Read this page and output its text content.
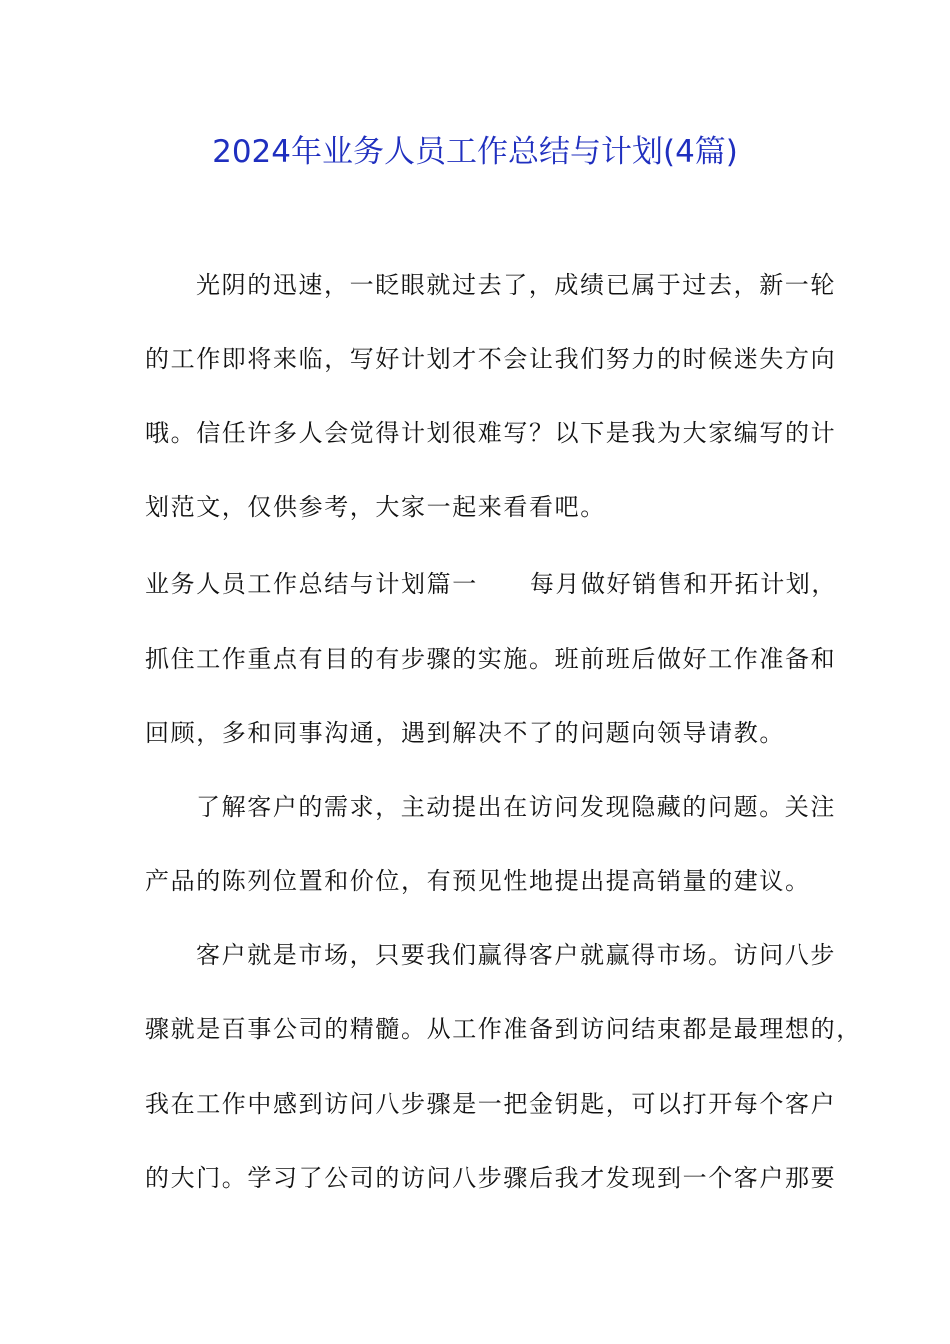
2024年业务人员工作总结与计划(4篇)

光阴的迅速，一眨眼就过去了，成绩已属于过去，新一轮

的工作即将来临，写好计划才不会让我们努力的时候迷失方向

哦。信任许多人会觉得计划很难写？以下是我为大家编写的计

划范文，仅供参考，大家一起来看看吧。

业务人员工作总结与计划篇一 每月做好销售和开拓计划，

抓住工作重点有目的有步骤的实施。班前班后做好工作准备和

回顾，多和同事沟通，遇到解决不了的问题向领导请教。

了解客户的需求，主动提出在访问发现隐藏的问题。关注

产品的陈列位置和价位，有预见性地提出提高销量的建议。

客户就是市场，只要我们赢得客户就赢得市场。访问八步

骤就是百事公司的精髓。从工作准备到访问结束都是最理想的，

我在工作中感到访问八步骤是一把金钥匙，可以打开每个客户

的大门。学习了公司的访问八步骤后我才发现到一个客户那要
